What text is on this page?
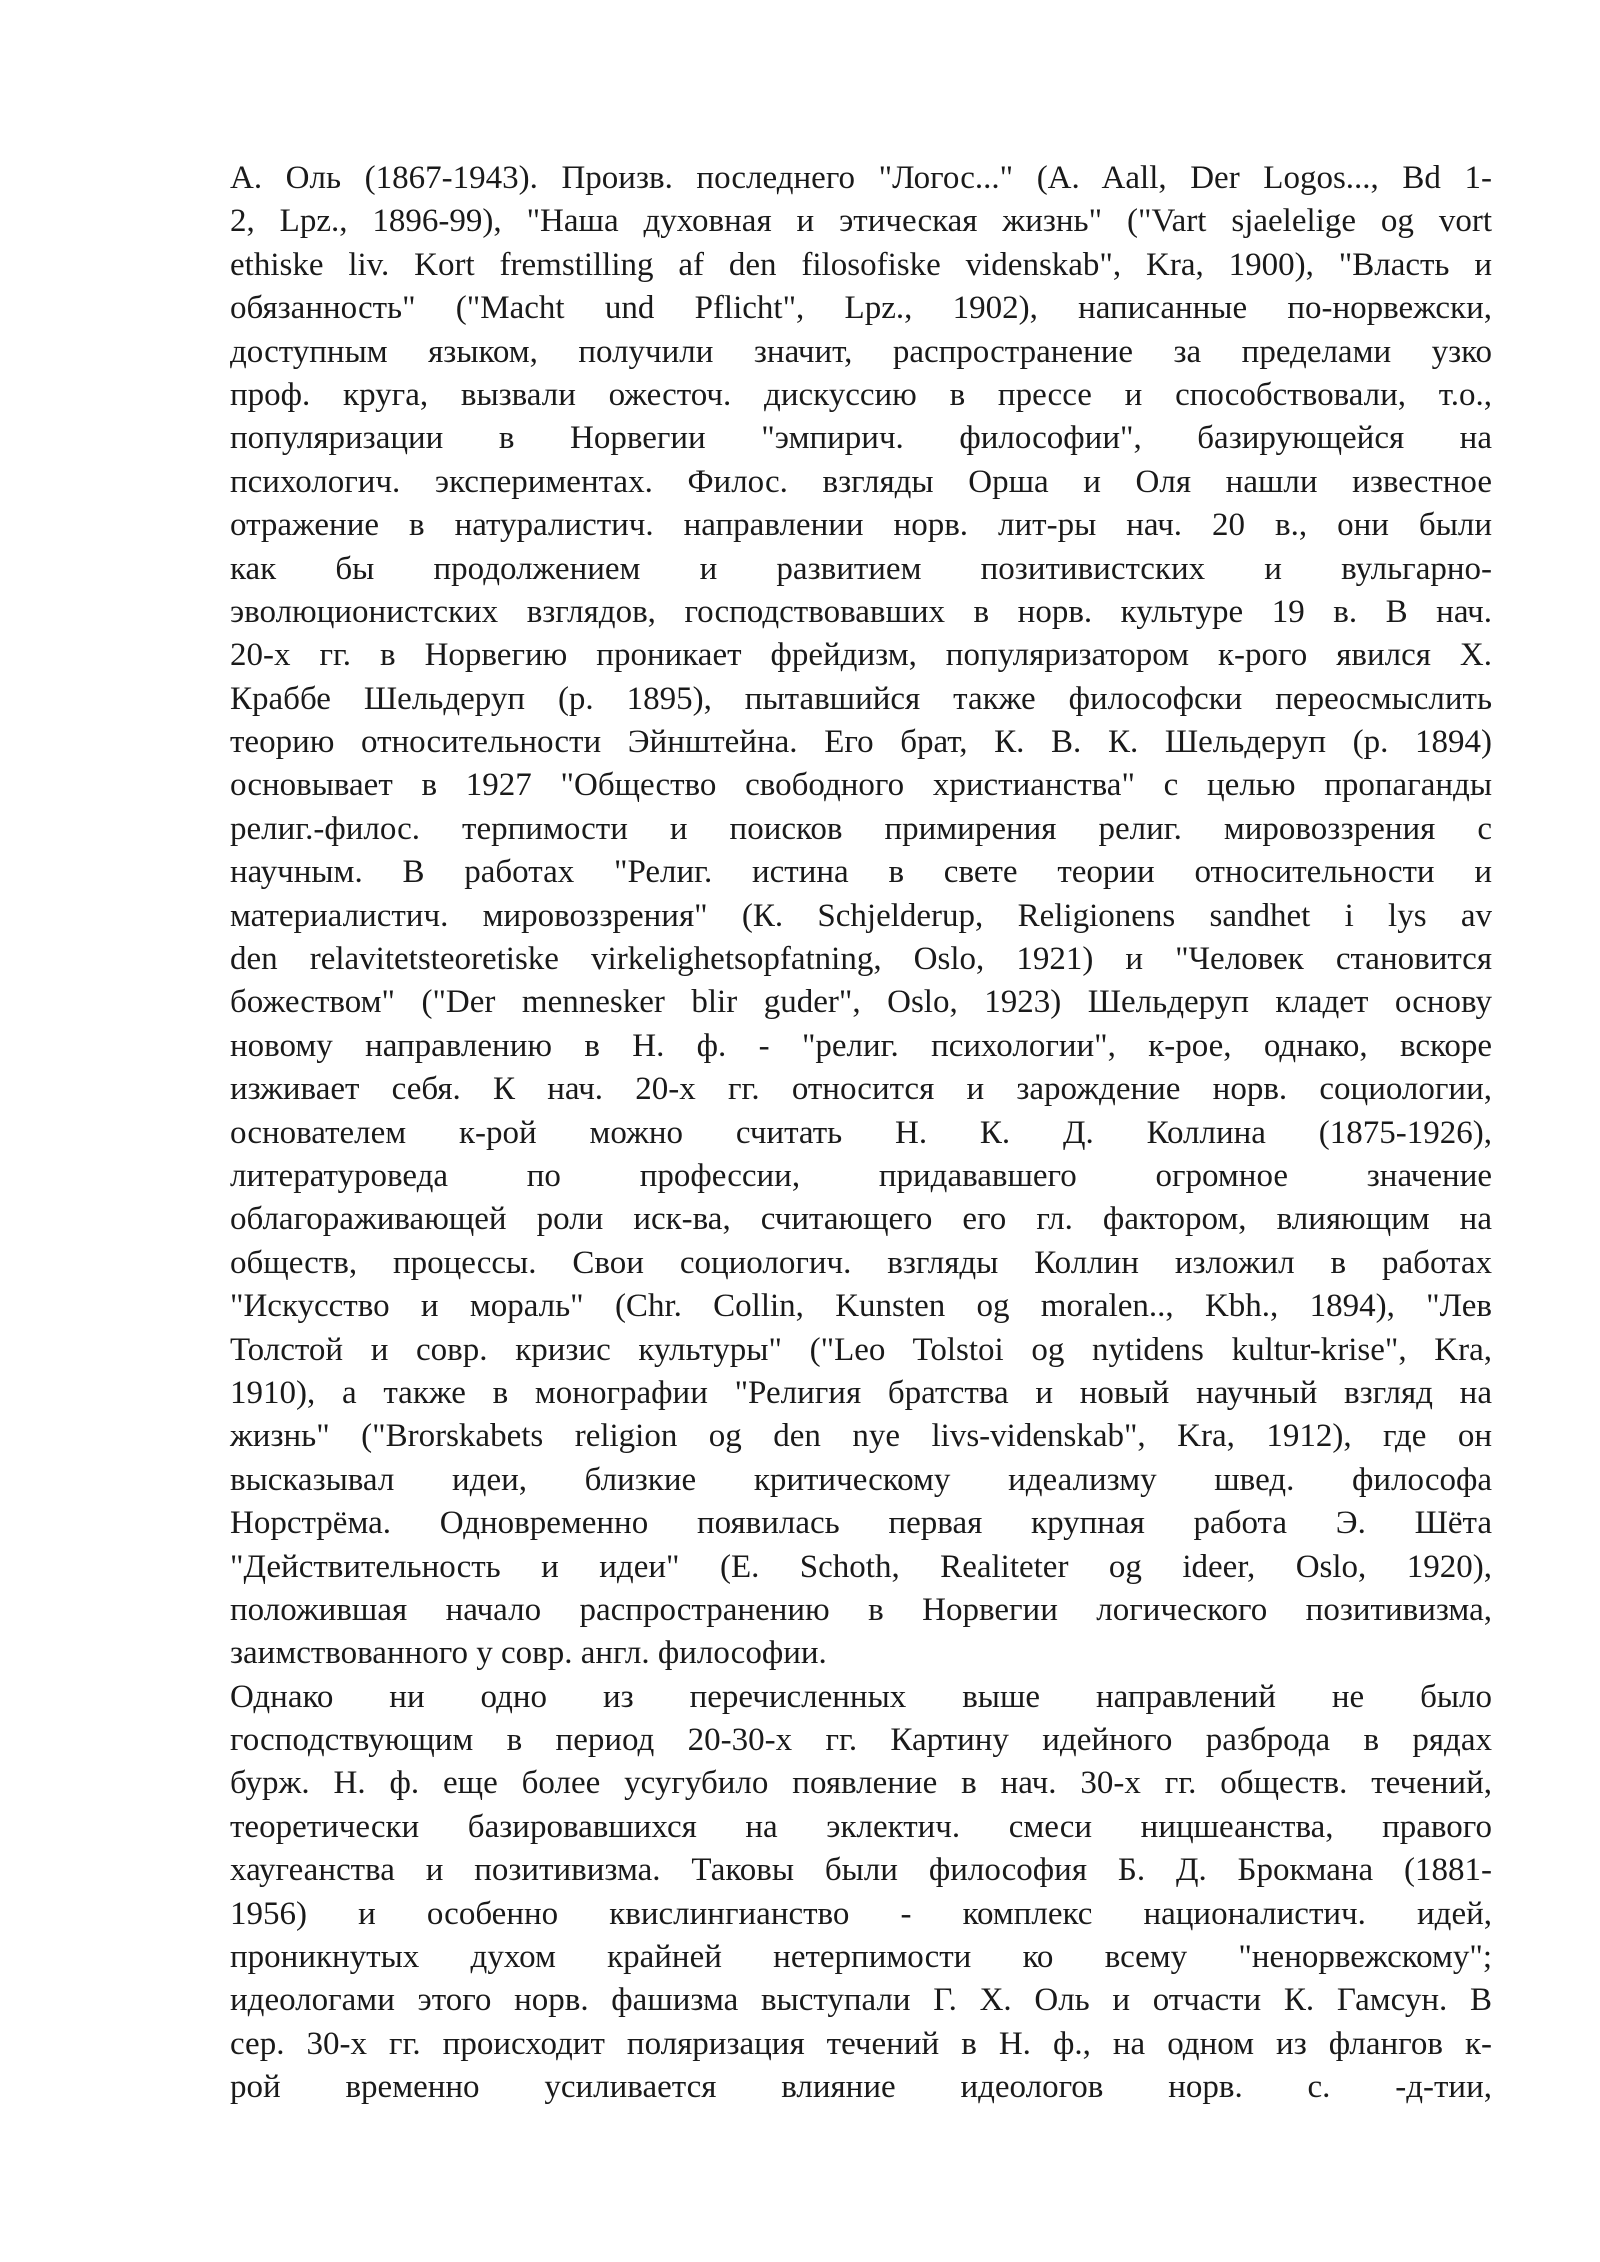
А. Оль (1867-1943). Произв. последнего "Логос..." (A. Aall, Der Logos..., Bd 1-
2, Lpz., 1896-99), "Наша духовная и этическая жизнь" ("Vart sjaelelige og vort
ethiske liv. Kort fremstilling af den filosofiske videnskab", Kra, 1900), "Власть и
обязанность" ("Macht und Pflicht", Lpz., 1902), написанные по-норвежски,
доступным языком, получили значит, распространение за пределами узко
проф. круга, вызвали ожесточ. дискуссию в прессе и способствовали, т.о.,
популяризации в Норвегии "эмпирич. философии", базирующейся на
психологич. экспериментах. Филос. взгляды Орша и Оля нашли известное
отражение в натуралистич. направлении норв. лит-ры нач. 20 в., они были
как бы продолжением и развитием позитивистских и вульгарно-
эволюционистских взглядов, господствовавших в норв. культуре 19 в. В нач.
20-х гг. в Норвегию проникает фрейдизм, популяризатором к-рого явился X.
Краббе Шельдеруп (р. 1895), пытавшийся также философски переосмыслить
теорию относительности Эйнштейна. Его брат, К. В. К. Шельдеруп (р. 1894)
основывает в 1927 "Общество свободного христианства" с целью пропаганды
религ.-филос. терпимости и поисков примирения религ. мировоззрения с
научным. В работах "Религ. истина в свете теории относительности и
материалистич. мировоззрения" (К. Schjelderup, Religionens sandhet i lys av
den relavitetsteoretiske virkelighetsopfatning, Oslo, 1921) и "Человек становится
божеством" ("Der mennesker blir guder", Oslo, 1923) Шельдеруп кладет основу
новому направлению в Н. ф. - "религ. психологии", к-рое, однако, вскоре
изживает себя. К нач. 20-х гг. относится и зарождение норв. социологии,
основателем к-рой можно считать Н. К. Д. Коллина (1875-1926),
литературоведа по профессии, придававшего огромное значение
облагораживающей роли иск-ва, считающего его гл. фактором, влияющим на
обществ, процессы. Свои социологич. взгляды Коллин изложил в работах
"Искусство и мораль" (Chr. Collin, Kunsten og moralen.., Kbh., 1894), "Лев
Толстой и совр. кризис культуры" ("Leo Tolstoi og nytidens kultur-krise", Kra,
1910), а также в монографии "Религия братства и новый научный взгляд на
жизнь" ("Brorskabets religion og den nye livs-videnskab", Kra, 1912), где он
высказывал идеи, близкие критическому идеализму швед. философа
Норстрёма. Одновременно появилась первая крупная работа Э. Шёта
"Действительность и идеи" (E. Schoth, Realiteter og ideer, Oslo, 1920),
положившая начало распространению в Норвегии логического позитивизма,
заимствованного у совр. англ. философии.
Однако ни одно из перечисленных выше направлений не было
господствующим в период 20-30-х гг. Картину идейного разброда в рядах
бурж. Н. ф. еще более усугубило появление в нач. 30-х гг. обществ. течений,
теоретически базировавшихся на эклектич. смеси ницшеанства, правого
хаугеанства и позитивизма. Таковы были философия Б. Д. Брокмана (1881-
1956) и особенно квислингианство - комплекс националистич. идей,
проникнутых духом крайней нетерпимости ко всему "ненорвежскому";
идеологами этого норв. фашизма выступали Г. Х. Оль и отчасти К. Гамсун. В
сер. 30-х гг. происходит поляризация течений в Н. ф., на одном из флангов к-
рой временно усиливается влияние идеологов норв. с. -д-тии,
